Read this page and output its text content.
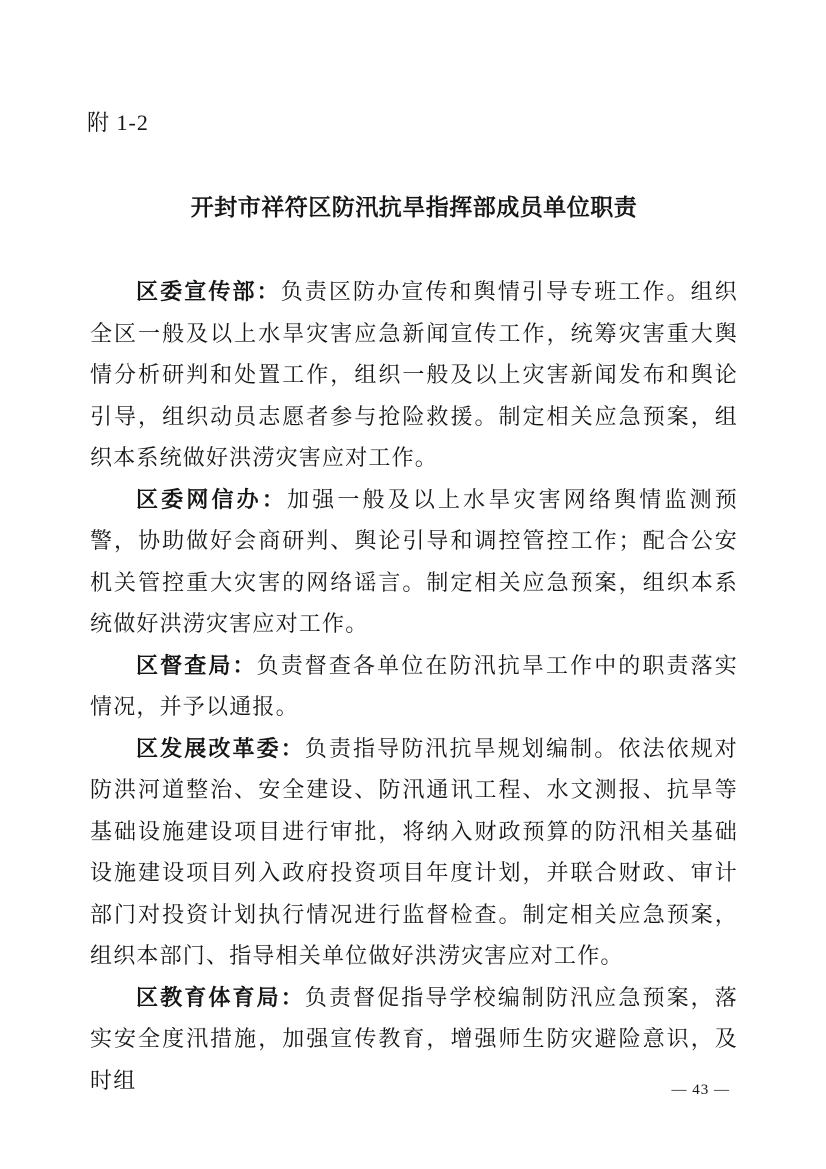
附 1-2
开封市祥符区防汛抗旱指挥部成员单位职责

区委宣传部：负责区防办宣传和舆情引导专班工作。组织全区一般及以上水旱灾害应急新闻宣传工作，统筹灾害重大舆情分析研判和处置工作，组织一般及以上灾害新闻发布和舆论引导，组织动员志愿者参与抢险救援。制定相关应急预案，组织本系统做好洪涝灾害应对工作。

区委网信办：加强一般及以上水旱灾害网络舆情监测预警，协助做好会商研判、舆论引导和调控管控工作；配合公安机关管控重大灾害的网络谣言。制定相关应急预案，组织本系统做好洪涝灾害应对工作。

区督查局：负责督查各单位在防汛抗旱工作中的职责落实情况，并予以通报。

区发展改革委：负责指导防汛抗旱规划编制。依法依规对防洪河道整治、安全建设、防汛通讯工程、水文测报、抗旱等基础设施建设项目进行审批，将纳入财政预算的防汛相关基础设施建设项目列入政府投资项目年度计划，并联合财政、审计部门对投资计划执行情况进行监督检查。制定相关应急预案，组织本部门、指导相关单位做好洪涝灾害应对工作。

区教育体育局：负责督促指导学校编制防汛应急预案，落实安全度汛措施，加强宣传教育，增强师生防灾避险意识，及时组	— 43 —
